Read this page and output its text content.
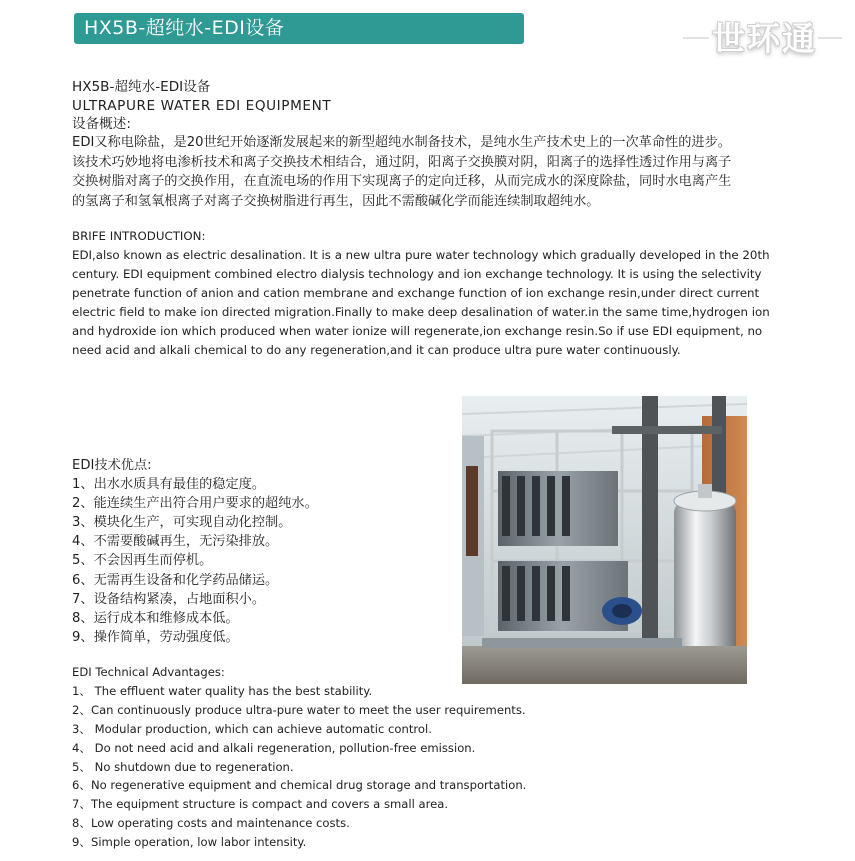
HX5B-超纯水-EDI设备	世环通
HX5B-超纯水-EDI设备
ULTRAPURE WATER EDI EQUIPMENT
设备概述:
EDI又称电除盐，是20世纪开始逐渐发展起来的新型超纯水制备技术，是纯水生产技术史上的一次革命性的进步。
该技术巧妙地将电渗析技术和离子交换技术相结合，通过阴，阳离子交换膜对阴，阳离子的选择性透过作用与离子
交换树脂对离子的交换作用，在直流电场的作用下实现离子的定向迁移，从而完成水的深度除盐，同时水电离产生
的氢离子和氢氧根离子对离子交换树脂进行再生，因此不需酸碱化学而能连续制取超纯水。
BRIFE INTRODUCTION:
EDI,also known as electric desalination. It is a new ultra pure water technology which gradually developed in the 20th
century. EDI equipment combined electro dialysis technology and ion exchange technology. It is using the selectivity
penetrate function of anion and cation membrane and exchange function of ion exchange resin,under direct current
electric field to make ion directed migration.Finally to make deep desalination of water.in the same time,hydrogen ion
and hydroxide ion which produced when water ionize will regenerate,ion exchange resin.So if use EDI equipment, no
need acid and alkali chemical to do any regeneration,and it can produce ultra pure water continuously.
EDI技术优点:
1、出水水质具有最佳的稳定度。
2、能连续生产出符合用户要求的超纯水。
3、模块化生产，可实现自动化控制。
4、不需要酸碱再生，无污染排放。
5、不会因再生而停机。
6、无需再生设备和化学药品储运。
7、设备结构紧凑，占地面积小。
8、运行成本和维修成本低。
9、操作简单，劳动强度低。
EDI Technical Advantages:
1、 The effluent water quality has the best stability.
2、Can continuously produce ultra-pure water to meet the user requirements.
3、 Modular production, which can achieve automatic control.
4、 Do not need acid and alkali regeneration, pollution-free emission.
5、 No shutdown due to regeneration.
6、No regenerative equipment and chemical drug storage and transportation.
7、The equipment structure is compact and covers a small area.
8、Low operating costs and maintenance costs.
9、Simple operation, low labor intensity.
